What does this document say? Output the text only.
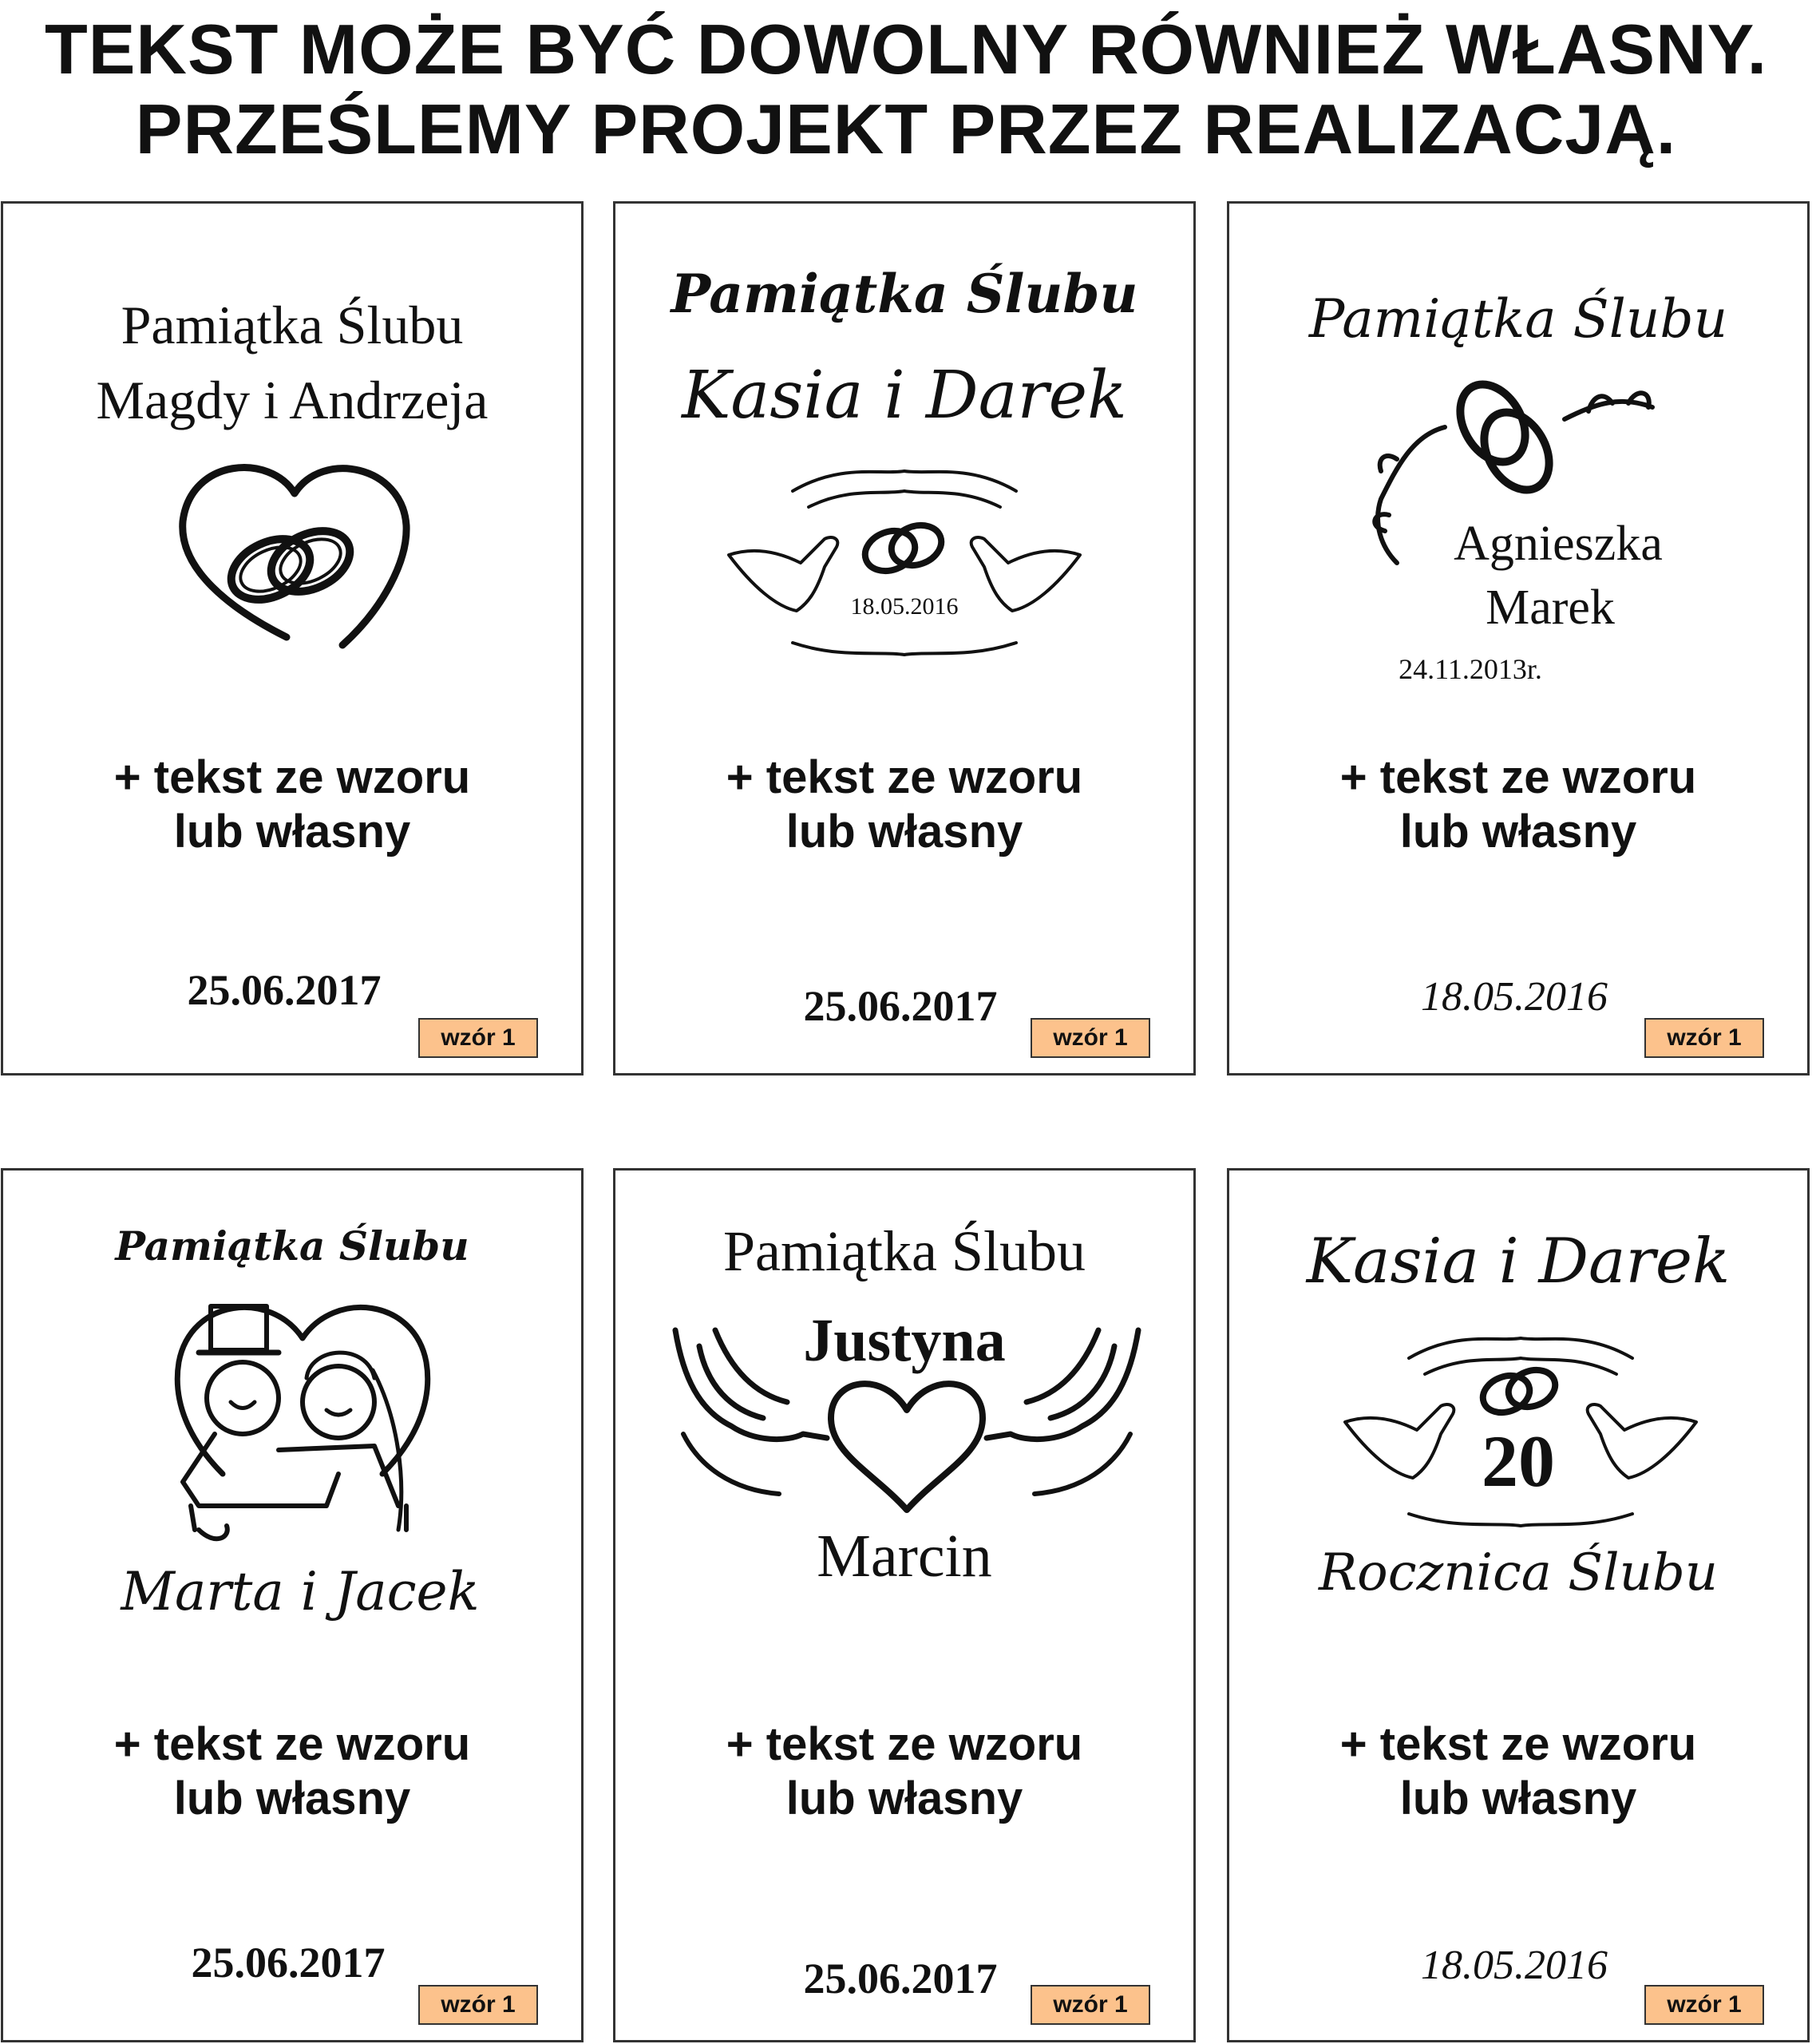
TEKST MOŻE BYĆ DOWOLNY RÓWNIEŻ WŁASNY.
PRZEŚLEMY PROJEKT PRZEZ REALIZACJĄ.
Pamiątka Ślubu
Magdy i Andrzeja
+ tekst ze wzoru
lub własny
25.06.2017
wzór 1
Pamiątka Ślubu
Kasia i Darek
18.05.2016
+ tekst ze wzoru
lub własny
25.06.2017
wzór 1
Pamiątka Ślubu
Agnieszka
Marek
24.11.2013r.
+ tekst ze wzoru
lub własny
18.05.2016
wzór 1
Pamiątka Ślubu
Marta i Jacek
+ tekst ze wzoru
lub własny
25.06.2017
wzór 1
Pamiątka Ślubu
Justyna
Marcin
+ tekst ze wzoru
lub własny
25.06.2017
wzór 1
Kasia i Darek
20
Rocznica Ślubu
+ tekst ze wzoru
lub własny
18.05.2016
wzór 1
